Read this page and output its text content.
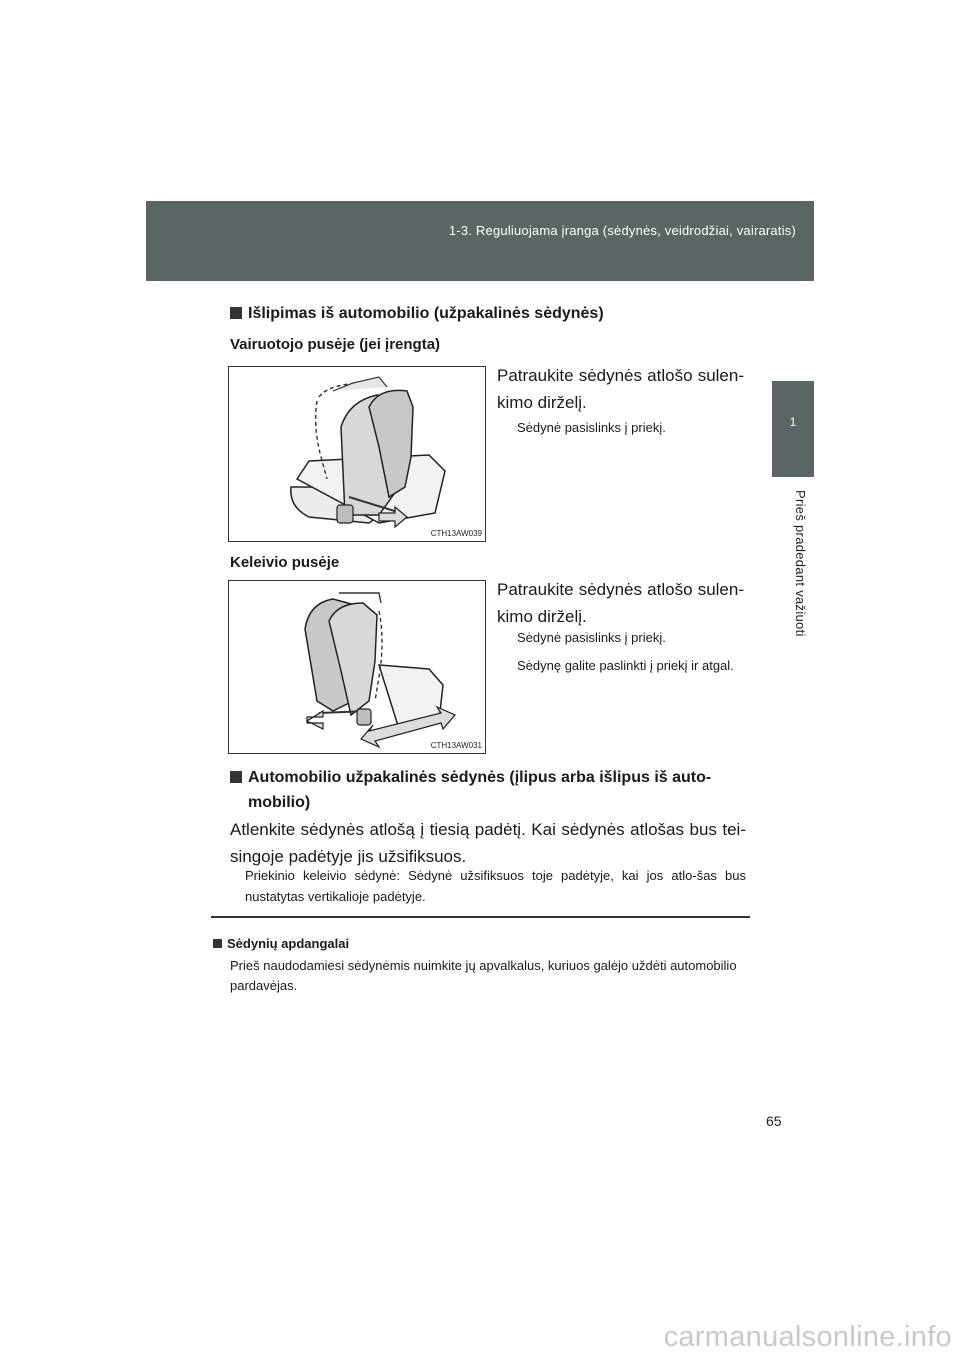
1-3. Reguliuojama įranga (sėdynės, veidrodžiai, vairaratis)
1
Prieš pradedant važiuoti
Išlipimas iš automobilio (užpakalinės sėdynės)
Vairuotojo pusėje (jei įrengta)
CTH13AW039
Patraukite sėdynės atlošo sulen-kimo dirželį.
Sėdynė pasislinks į priekį.
Keleivio pusėje
CTH13AW031
Patraukite sėdynės atlošo sulen-kimo dirželį.
Sėdynė pasislinks į priekį.
Sėdynę galite paslinkti į priekį ir atgal.
Automobilio užpakalinės sėdynės (įlipus arba išlipus iš auto-mobilio)
Atlenkite sėdynės atlošą į tiesią padėtį. Kai sėdynės atlošas bus tei-singoje padėtyje jis užsifiksuos.
Priekinio keleivio sėdynė: Sėdynė užsifiksuos toje padėtyje, kai jos atlo-šas bus nustatytas vertikalioje padėtyje.
Sėdynių apdangalai
Prieš naudodamiesi sėdynėmis nuimkite jų apvalkalus, kuriuos galėjo uždėti automobilio pardavėjas.
65
carmanualsonline.info
